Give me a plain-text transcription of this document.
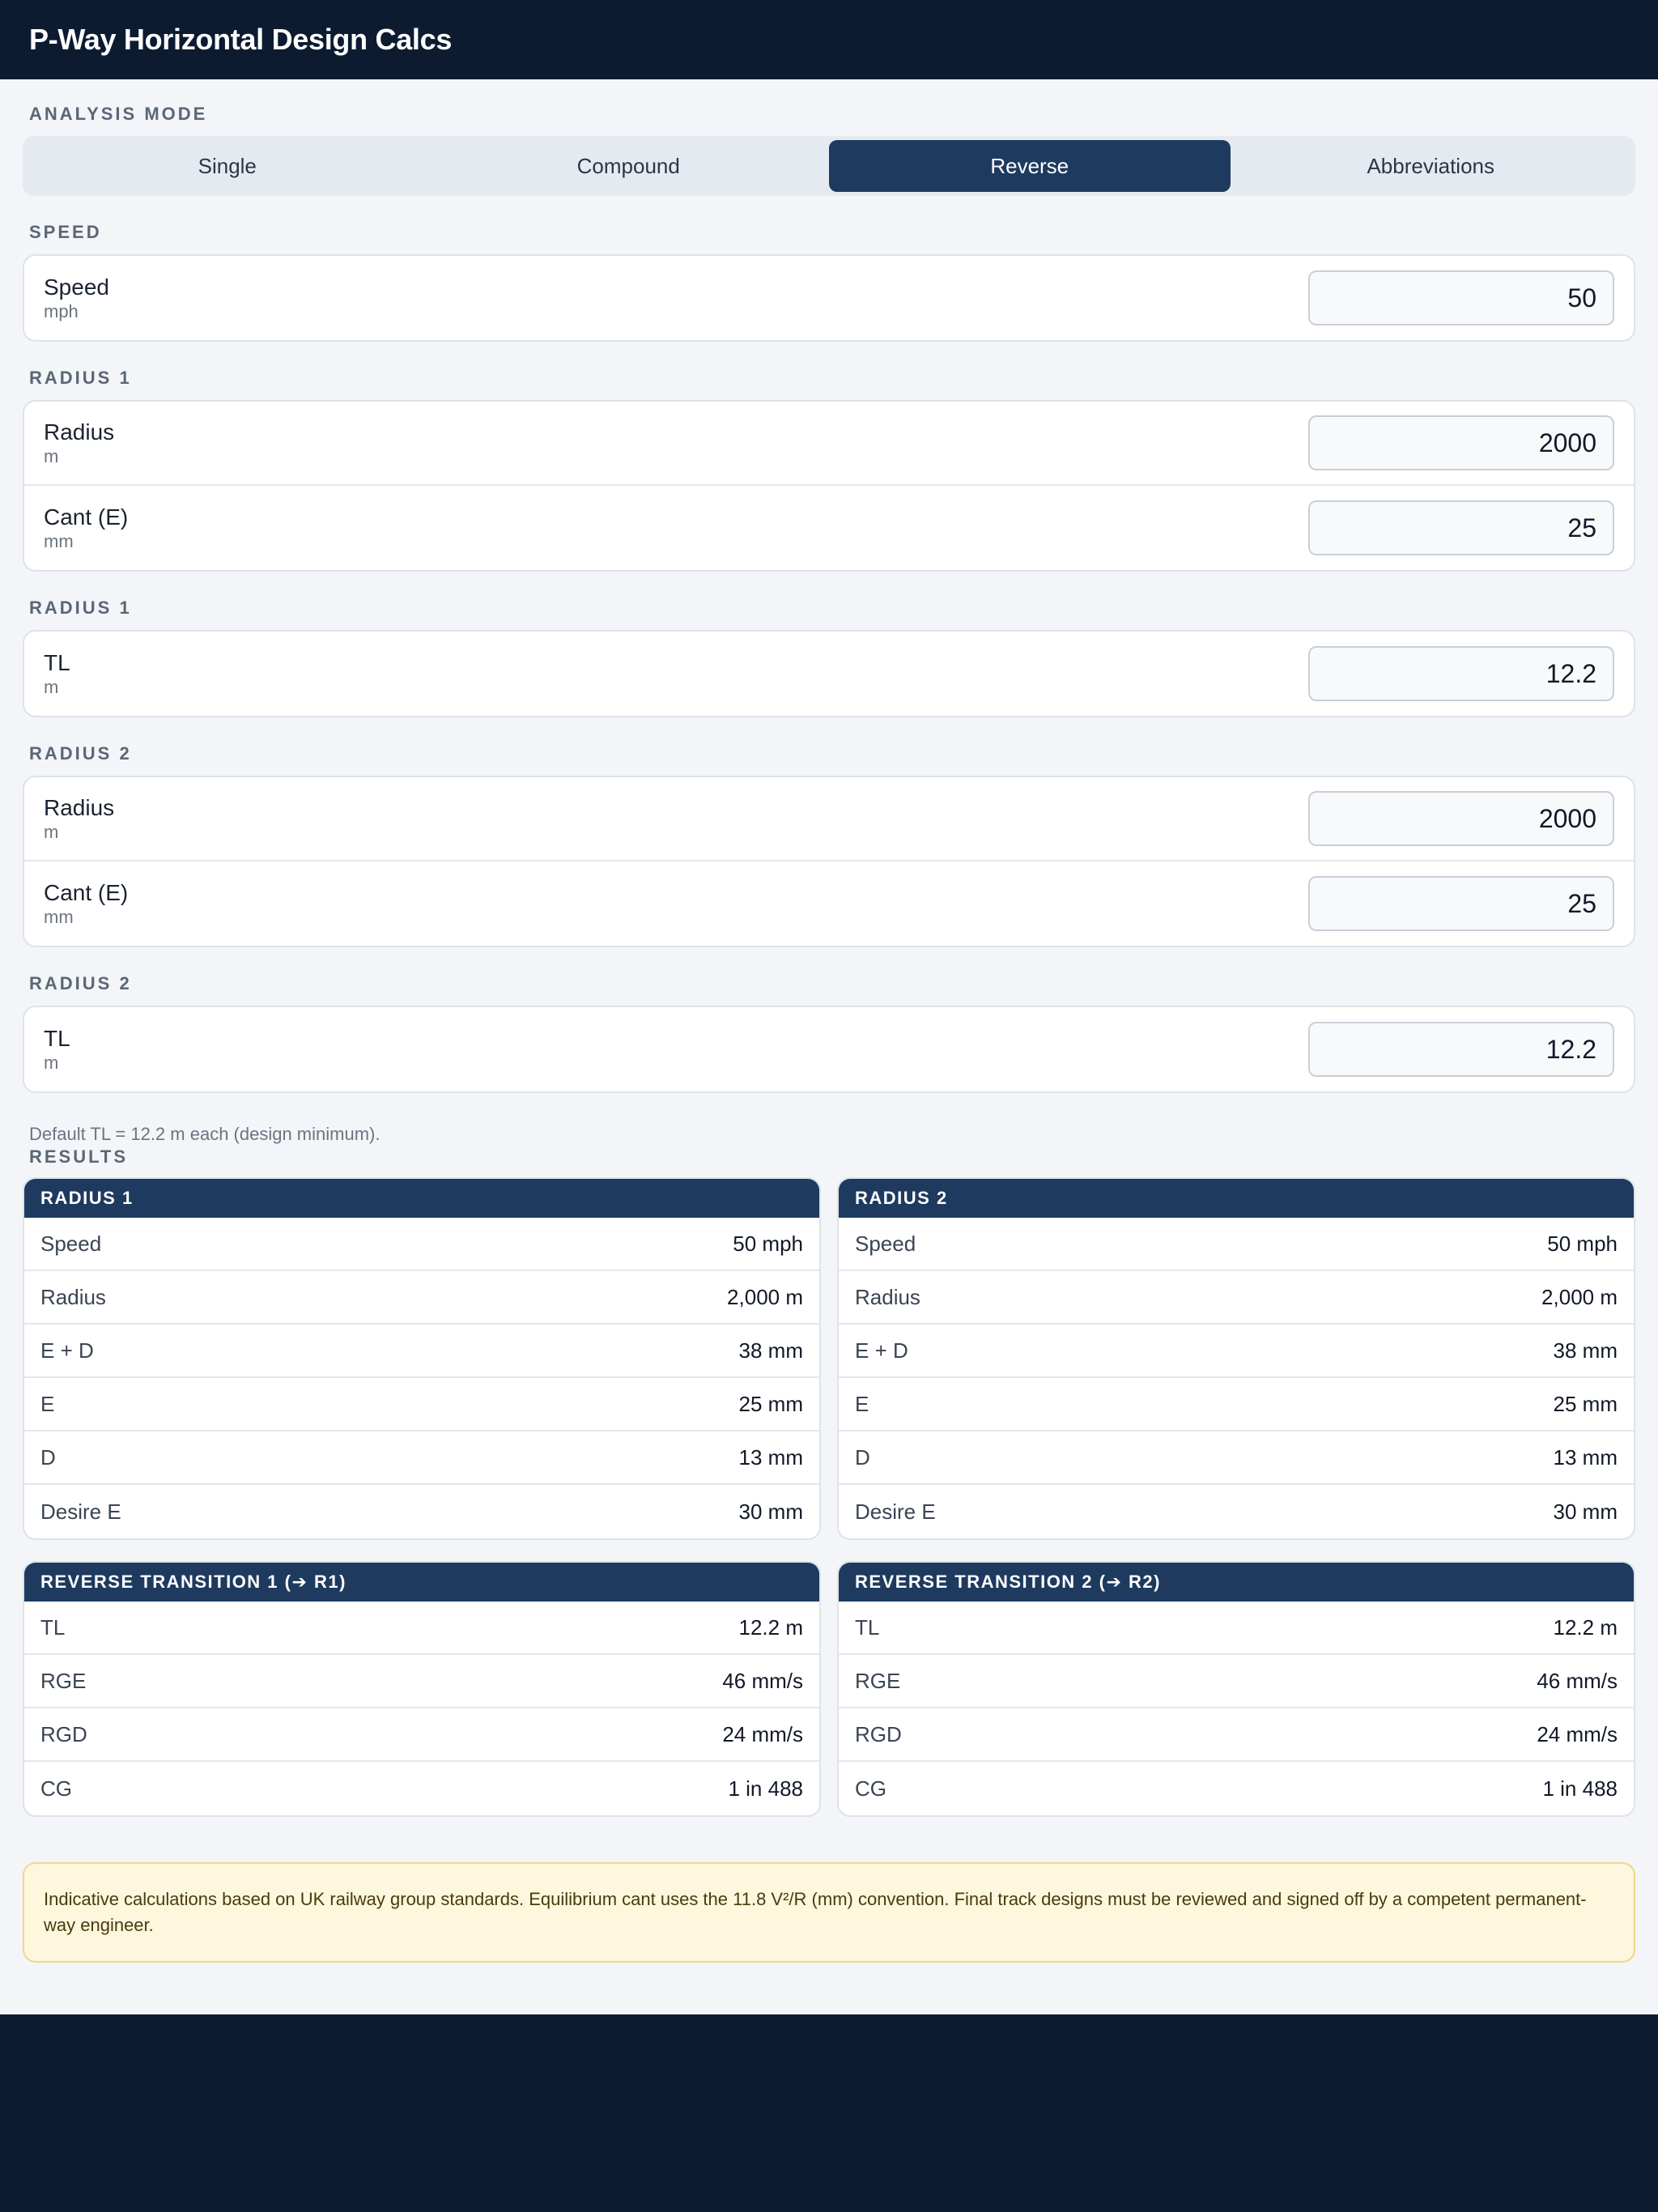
P-Way Horizontal Design Calcs
ANALYSIS MODE
Single	Compound	Reverse	Abbreviations
SPEED
Speed
mph
50
RADIUS 1
Radius
m
2000
Cant (E)
mm
25
RADIUS 1
TL
m
12.2
RADIUS 2
Radius
m
2000
Cant (E)
mm
25
RADIUS 2
TL
m
12.2
Default TL = 12.2 m each (design minimum).
RESULTS
RADIUS 1
Speed	50 mph
Radius	2,000 m
E + D	38 mm
E	25 mm
D	13 mm
Desire E	30 mm
RADIUS 2
Speed	50 mph
Radius	2,000 m
E + D	38 mm
E	25 mm
D	13 mm
Desire E	30 mm
REVERSE TRANSITION 1 (➔ R1)
TL	12.2 m
RGE	46 mm/s
RGD	24 mm/s
CG	1 in 488
REVERSE TRANSITION 2 (➔ R2)
TL	12.2 m
RGE	46 mm/s
RGD	24 mm/s
CG	1 in 488
Indicative calculations based on UK railway group standards. Equilibrium cant uses the 11.8 V²/R (mm) convention. Final track designs must be reviewed and signed off by a competent permanent-way engineer.
